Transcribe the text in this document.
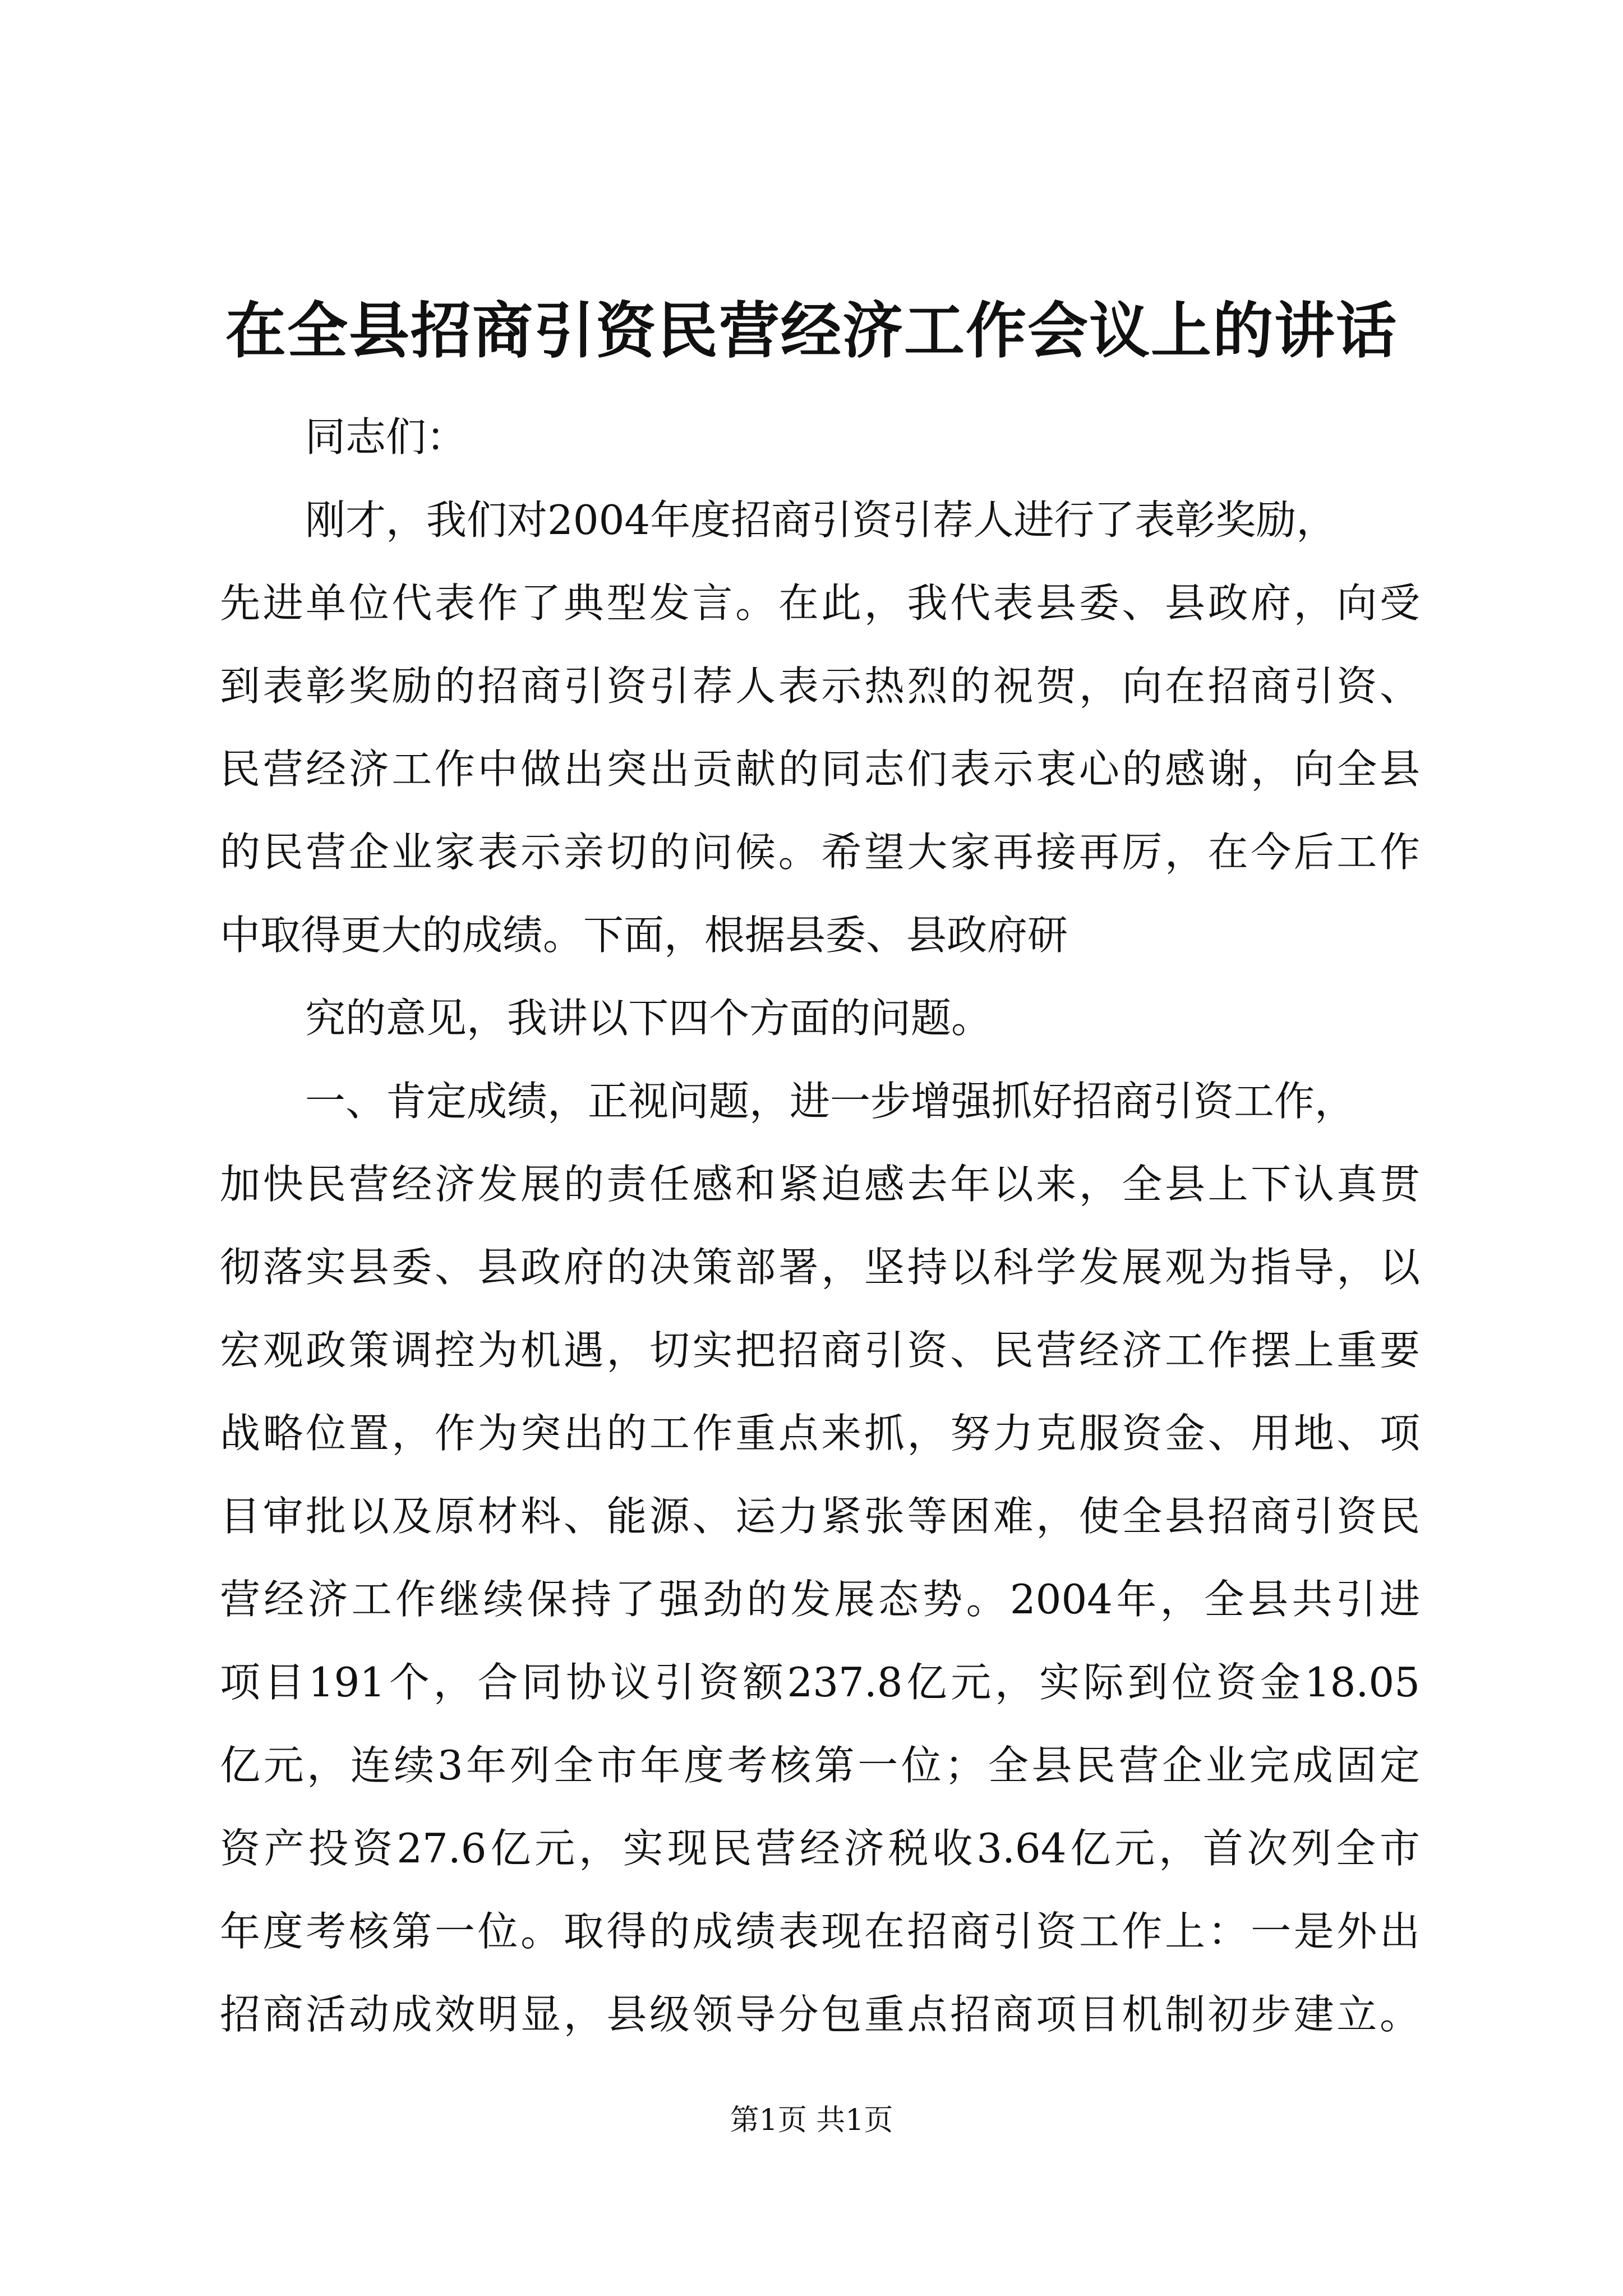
在全县招商引资民营经济工作会议上的讲话
同志们：
刚才，我们对2004年度招商引资引荐人进行了表彰奖励，
先进单位代表作了典型发言。在此，我代表县委、县政府，向受
到表彰奖励的招商引资引荐人表示热烈的祝贺，向在招商引资、
民营经济工作中做出突出贡献的同志们表示衷心的感谢，向全县
的民营企业家表示亲切的问候。希望大家再接再厉，在今后工作
中取得更大的成绩。下面，根据县委、县政府研
究的意见，我讲以下四个方面的问题。
一、肯定成绩，正视问题，进一步增强抓好招商引资工作，
加快民营经济发展的责任感和紧迫感去年以来，全县上下认真贯
彻落实县委、县政府的决策部署，坚持以科学发展观为指导，以
宏观政策调控为机遇，切实把招商引资、民营经济工作摆上重要
战略位置，作为突出的工作重点来抓，努力克服资金、用地、项
目审批以及原材料、能源、运力紧张等困难，使全县招商引资民
营经济工作继续保持了强劲的发展态势。2004年，全县共引进
项目191个，合同协议引资额237.8亿元，实际到位资金18.05
亿元，连续3年列全市年度考核第一位；全县民营企业完成固定
资产投资27.6亿元，实现民营经济税收3.64亿元，首次列全市
年度考核第一位。取得的成绩表现在招商引资工作上：一是外出
招商活动成效明显，县级领导分包重点招商项目机制初步建立。
第1页 共1页
